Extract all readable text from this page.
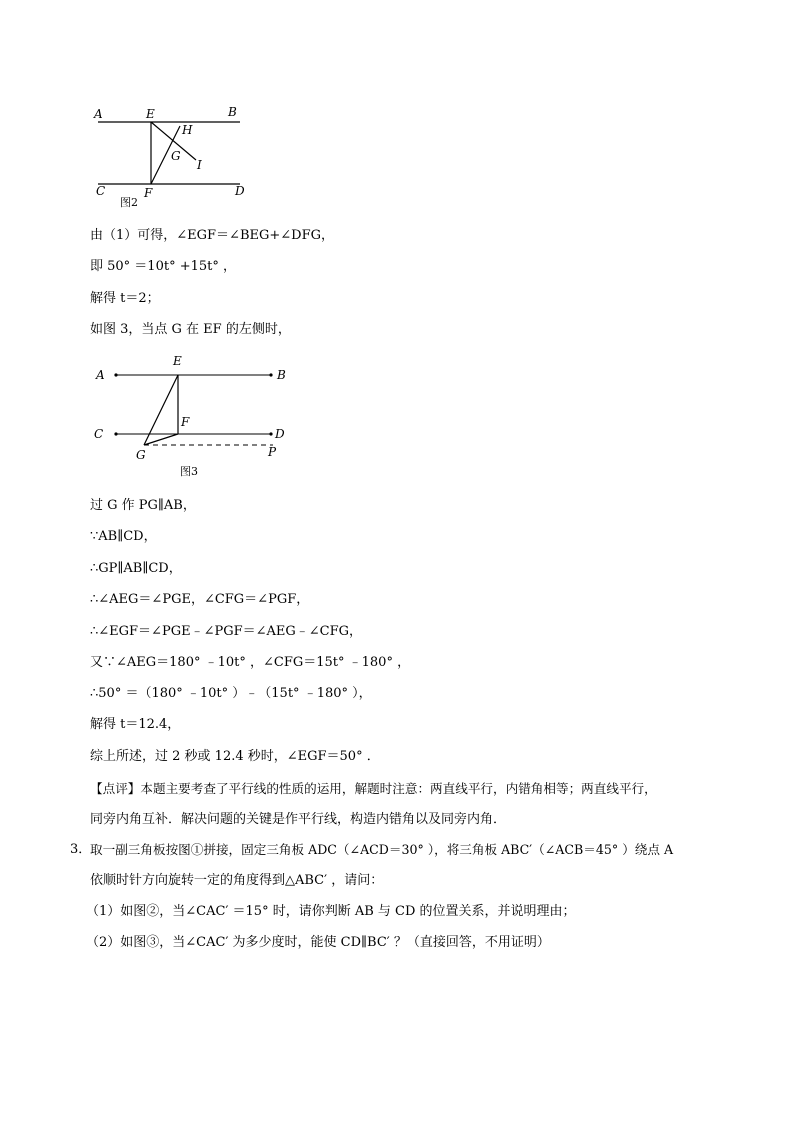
A	E	B
H
G
I
C	F	D
图2
由（1）可得，∠EGF＝∠BEG+∠DFG，
即 50° ＝10t° +15t° ，
解得 t＝2；
如图 3，当点 G 在 EF 的左侧时，
A
E
B
F
C	D
G	P
图3
过 G 作 PG∥AB，
∵AB∥CD，
∴GP∥AB∥CD，
∴∠AEG＝∠PGE，∠CFG＝∠PGF，
∴∠EGF＝∠PGE﹣∠PGF＝∠AEG﹣∠CFG，
又∵∠AEG＝180° ﹣10t° ，∠CFG＝15t° ﹣180° ，
∴50° ＝（180° ﹣10t° ）﹣（15t° ﹣180° ），
解得 t＝12.4，
综上所述，过 2 秒或 12.4 秒时，∠EGF＝50° ．
【点评】本题主要考查了平行线的性质的运用，解题时注意：两直线平行，内错角相等；两直线平行，
同旁内角互补．解决问题的关键是作平行线，构造内错角以及同旁内角．
3．
取一副三角板按图①拼接，固定三角板 ADC（∠ACD＝30° ），将三角板 ABC′（∠ACB＝45° ）绕点 A
依顺时针方向旋转一定的角度得到△ABC′ ，请问：
（1）如图②，当∠CAC′ ＝15° 时，请你判断 AB 与 CD 的位置关系，并说明理由；
（2）如图③，当∠CAC′ 为多少度时，能使 CD∥BC′ ？（直接回答，不用证明）
